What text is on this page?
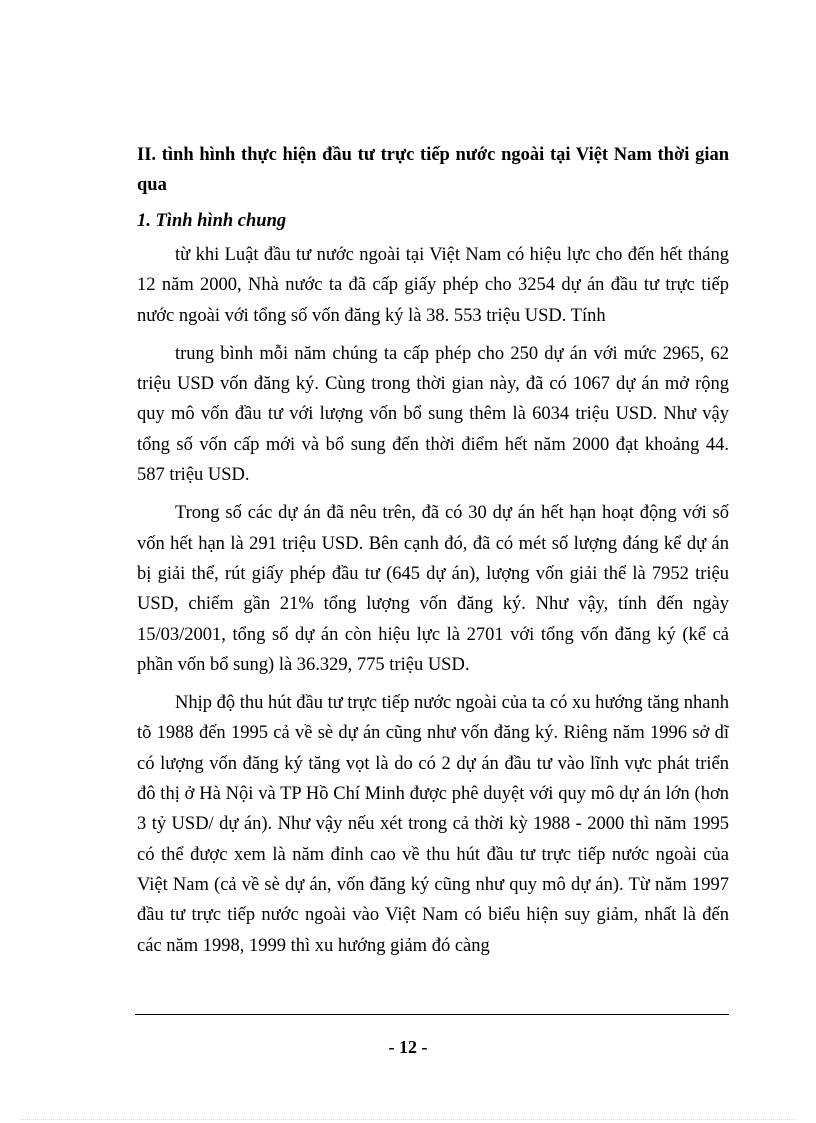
II. tình hình thực hiện đầu tư trực tiếp nước ngoài tại Việt Nam thời gian qua

1. Tình hình chung

từ khi Luật đầu tư nước ngoài tại Việt Nam có hiệu lực cho đến hết tháng 12 năm 2000, Nhà nước ta đã cấp giấy phép cho 3254 dự án đầu tư trực tiếp nước ngoài với tổng số vốn đăng ký là 38. 553 triệu USD. Tính

trung bình mỗi năm chúng ta cấp phép cho 250 dự án với mức 2965, 62 triệu USD vốn đăng ký. Cùng trong thời gian này, đã có 1067 dự án mở rộng quy mô vốn đầu tư với lượng vốn bổ sung thêm là 6034 triệu USD. Như vậy tổng số vốn cấp mới và bổ sung đến thời điểm hết năm 2000 đạt khoảng 44. 587 triệu USD.

Trong số các dự án đã nêu trên, đã có 30 dự án hết hạn hoạt động với số vốn hết hạn là 291 triệu USD. Bên cạnh đó, đã có mét số lượng đáng kể dự án bị giải thể, rút giấy phép đầu tư (645 dự án), lượng vốn giải thể là 7952 triệu USD, chiếm gần 21% tổng lượng vốn đăng ký. Như vậy, tính đến ngày 15/03/2001, tổng số dự án còn hiệu lực là 2701 với tổng vốn đăng ký (kể cả phần vốn bổ sung) là 36.329, 775 triệu USD.

Nhịp độ thu hút đầu tư trực tiếp nước ngoài của ta có xu hướng tăng nhanh tõ 1988 đến 1995 cả về sè dự án cũng như vốn đăng ký. Riêng năm 1996 sở dĩ có lượng vốn đăng ký tăng vọt là do có 2 dự án đầu tư vào lĩnh vực phát triển đô thị ở Hà Nội và TP Hồ Chí Minh được phê duyệt với quy mô dự án lớn (hơn 3 tỷ USD/ dự án). Như vậy nếu xét trong cả thời kỳ 1988 - 2000 thì năm 1995 có thể được xem là năm đỉnh cao về thu hút đầu tư trực tiếp nước ngoài của Việt Nam (cả về sè dự án, vốn đăng ký cũng như quy mô dự án). Từ năm 1997 đầu tư trực tiếp nước ngoài vào Việt Nam có biểu hiện suy giảm, nhất là đến các năm 1998, 1999 thì xu hướng giảm đó càng

- 12 -
